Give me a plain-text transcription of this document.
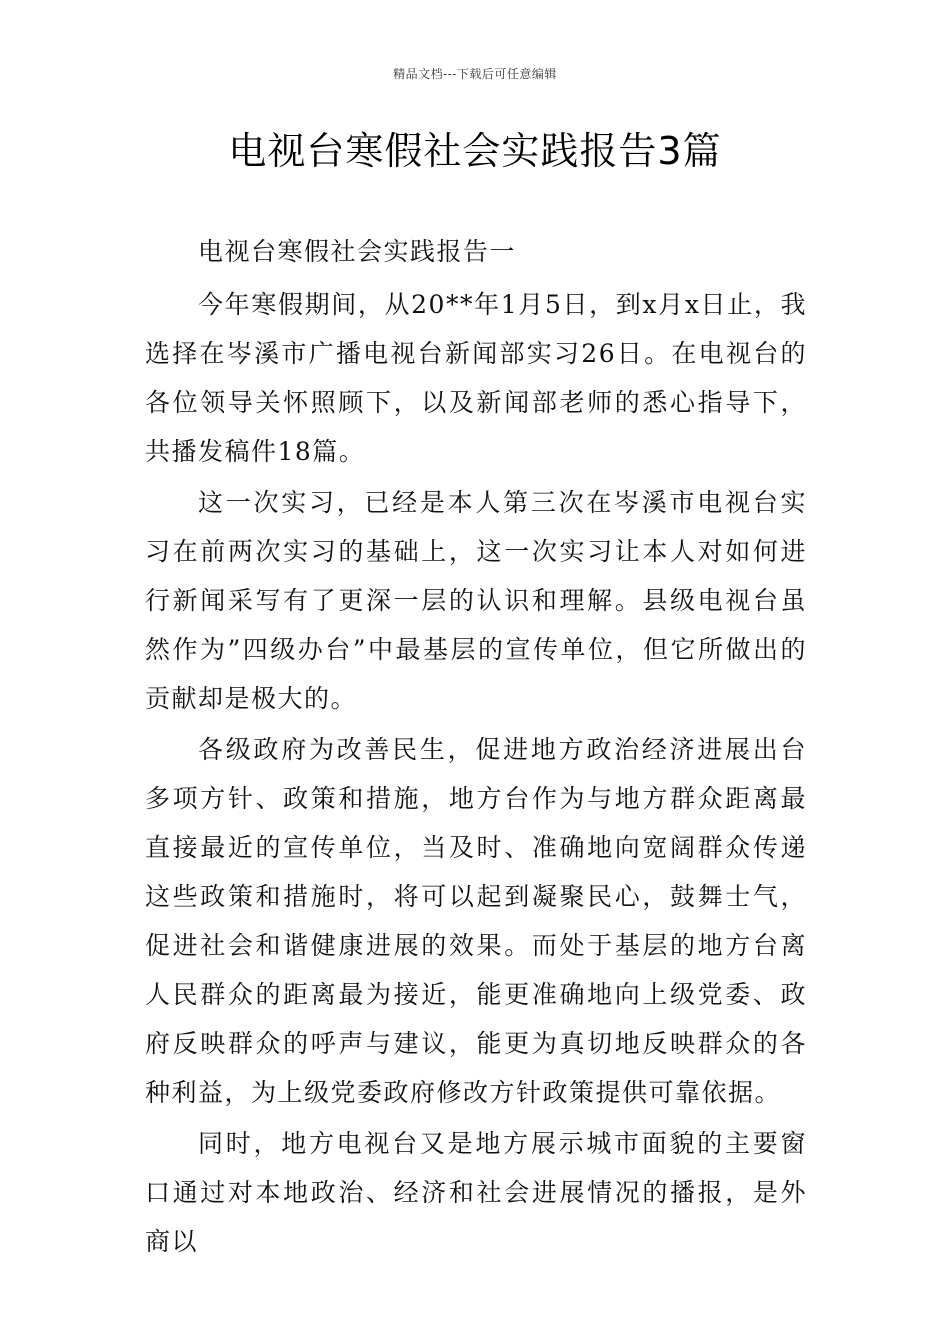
精品文档---下载后可任意编辑
电视台寒假社会实践报告3篇

电视台寒假社会实践报告一

今年寒假期间，从20**年1月5日，到x月x日止，我选择在岑溪市广播电视台新闻部实习26日。在电视台的各位领导关怀照顾下，以及新闻部老师的悉心指导下，共播发稿件18篇。

这一次实习，已经是本人第三次在岑溪市电视台实习在前两次实习的基础上，这一次实习让本人对如何进行新闻采写有了更深一层的认识和理解。县级电视台虽然作为”四级办台”中最基层的宣传单位，但它所做出的贡献却是极大的。

各级政府为改善民生，促进地方政治经济进展出台多项方针、政策和措施，地方台作为与地方群众距离最直接最近的宣传单位，当及时、准确地向宽阔群众传递这些政策和措施时，将可以起到凝聚民心，鼓舞士气，促进社会和谐健康进展的效果。而处于基层的地方台离人民群众的距离最为接近，能更准确地向上级党委、政府反映群众的呼声与建议，能更为真切地反映群众的各种利益，为上级党委政府修改方针政策提供可靠依据。

同时，地方电视台又是地方展示城市面貌的主要窗口通过对本地政治、经济和社会进展情况的播报，是外商以
